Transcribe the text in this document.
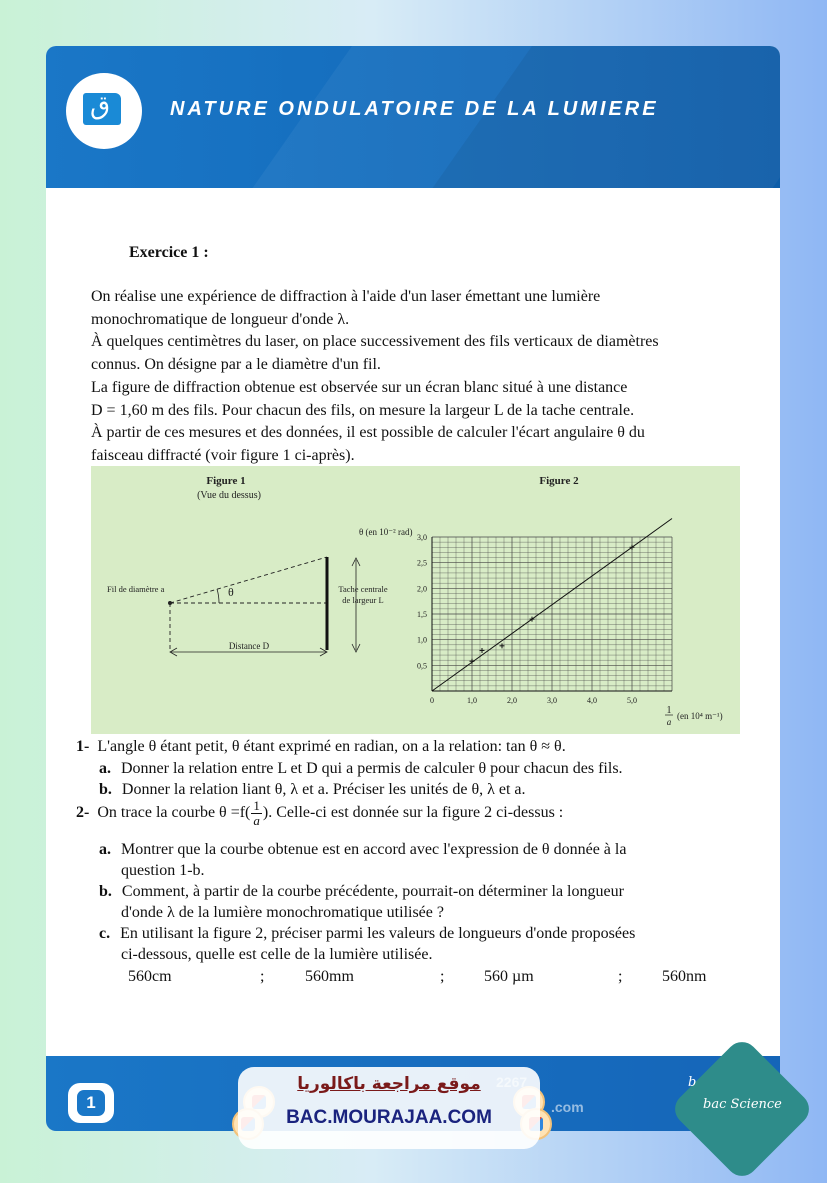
ق	NATURE ONDULATOIRE DE LA LUMIERE
Exercice 1 :

On réalise une expérience de diffraction à l'aide d'un laser émettant une lumière

monochromatique de longueur d'onde λ.

À quelques centimètres du laser, on place successivement des fils verticaux de diamètres

connus. On désigne par a le diamètre d'un fil.

La figure de diffraction obtenue est observée sur un écran blanc situé à une distance

D = 1,60 m des fils. Pour chacun des fils, on mesure la largeur L de la tache centrale.

À partir de ces mesures et des données, il est possible de calculer l'écart angulaire θ du

faisceau diffracté (voir figure 1 ci-après).

Figure 1
(Vue du dessus)
θ
Fil de diamètre a	Tache centrale
de largeur L
Distance D
Figure 2
θ (en 10⁻² rad)
0	1,0	2,0	3,0	4,0	5,0
0,5
1,0
1,5
2,0
2,5
3,0
1
a
(en 10⁴ m⁻¹)
1- L'angle θ étant petit, θ étant exprimé en radian, on a la relation: tan θ ≈ θ.
a. Donner la relation entre L et D qui a permis de calculer θ pour chacun des fils.
b. Donner la relation liant θ, λ et a. Préciser les unités de θ, λ et a.
2- On trace la courbe $\theta =f( \frac{1}{a}$ ). Celle-ci est donnée sur la figure 2 ci-dessus :
a. Montrer que la courbe obtenue est en accord avec l'expression de θ donnée à la
question 1-b.
b. Comment, à partir de la courbe précédente, pourrait-on déterminer la longueur
d'onde λ de la lumière monochromatique utilisée ?
c. En utilisant la figure 2, préciser parmi les valeurs de longueurs d'onde proposées
ci-dessous, quelle est celle de la lumière utilisée.
560cm	;	560mm	; 560 µm	; 560nm
1	.com
موقع مراجعة باكالوريا
BAC.MOURAJAA.COM
bac Science
b
